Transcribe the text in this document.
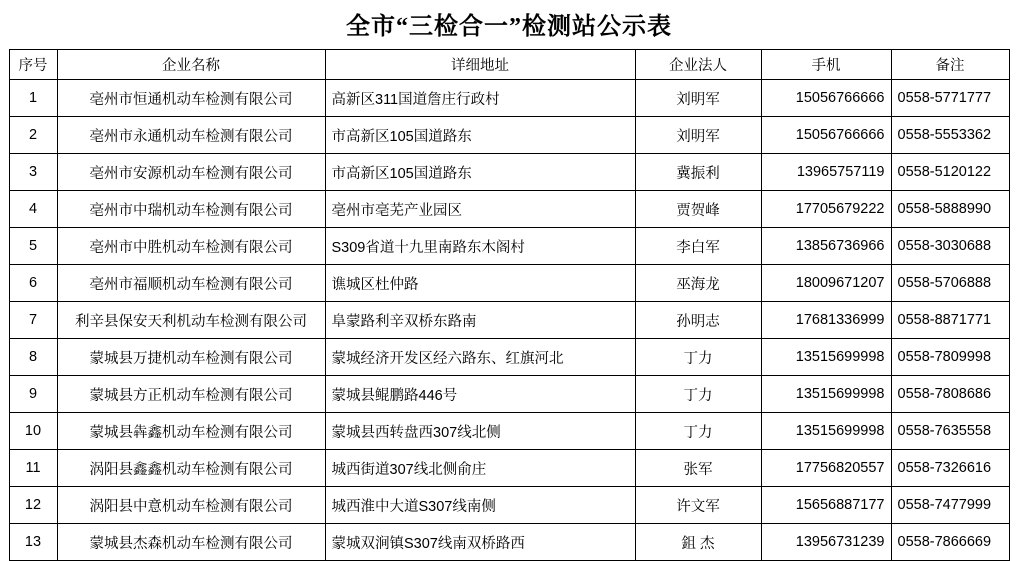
全市“三检合一”检测站公示表
序号	企业名称	详细地址	企业法人	手机	备注
1	亳州市恒通机动车检测有限公司	高新区311国道詹庄行政村	刘明军	15056766666	0558-5771777
2	亳州市永通机动车检测有限公司	市高新区105国道路东	刘明军	15056766666	0558-5553362
3	亳州市安源机动车检测有限公司	市高新区105国道路东	冀振利	13965757119	0558-5120122
4	亳州市中瑞机动车检测有限公司	亳州市亳芜产业园区	贾贺峰	17705679222	0558-5888990
5	亳州市中胜机动车检测有限公司	S309省道十九里南路东木阁村	李白军	13856736966	0558-3030688
6	亳州市福顺机动车检测有限公司	谯城区杜仲路	巫海龙	18009671207	0558-5706888
7	利辛县保安天利机动车检测有限公司	阜蒙路利辛双桥东路南	孙明志	17681336999	0558-8871771
8	蒙城县万捷机动车检测有限公司	蒙城经济开发区经六路东、红旗河北	丁力	13515699998	0558-7809998
9	蒙城县方正机动车检测有限公司	蒙城县鲲鹏路446号	丁力	13515699998	0558-7808686
10	蒙城县犇鑫机动车检测有限公司	蒙城县西转盘西307线北侧	丁力	13515699998	0558-7635558
11	涡阳县鑫鑫机动车检测有限公司	城西街道307线北侧俞庄	张军	17756820557	0558-7326616
12	涡阳县中意机动车检测有限公司	城西淮中大道S307线南侧	许文军	15656887177	0558-7477999
13	蒙城县杰森机动车检测有限公司	蒙城双涧镇S307线南双桥路西	鉏 杰	13956731239	0558-7866669
